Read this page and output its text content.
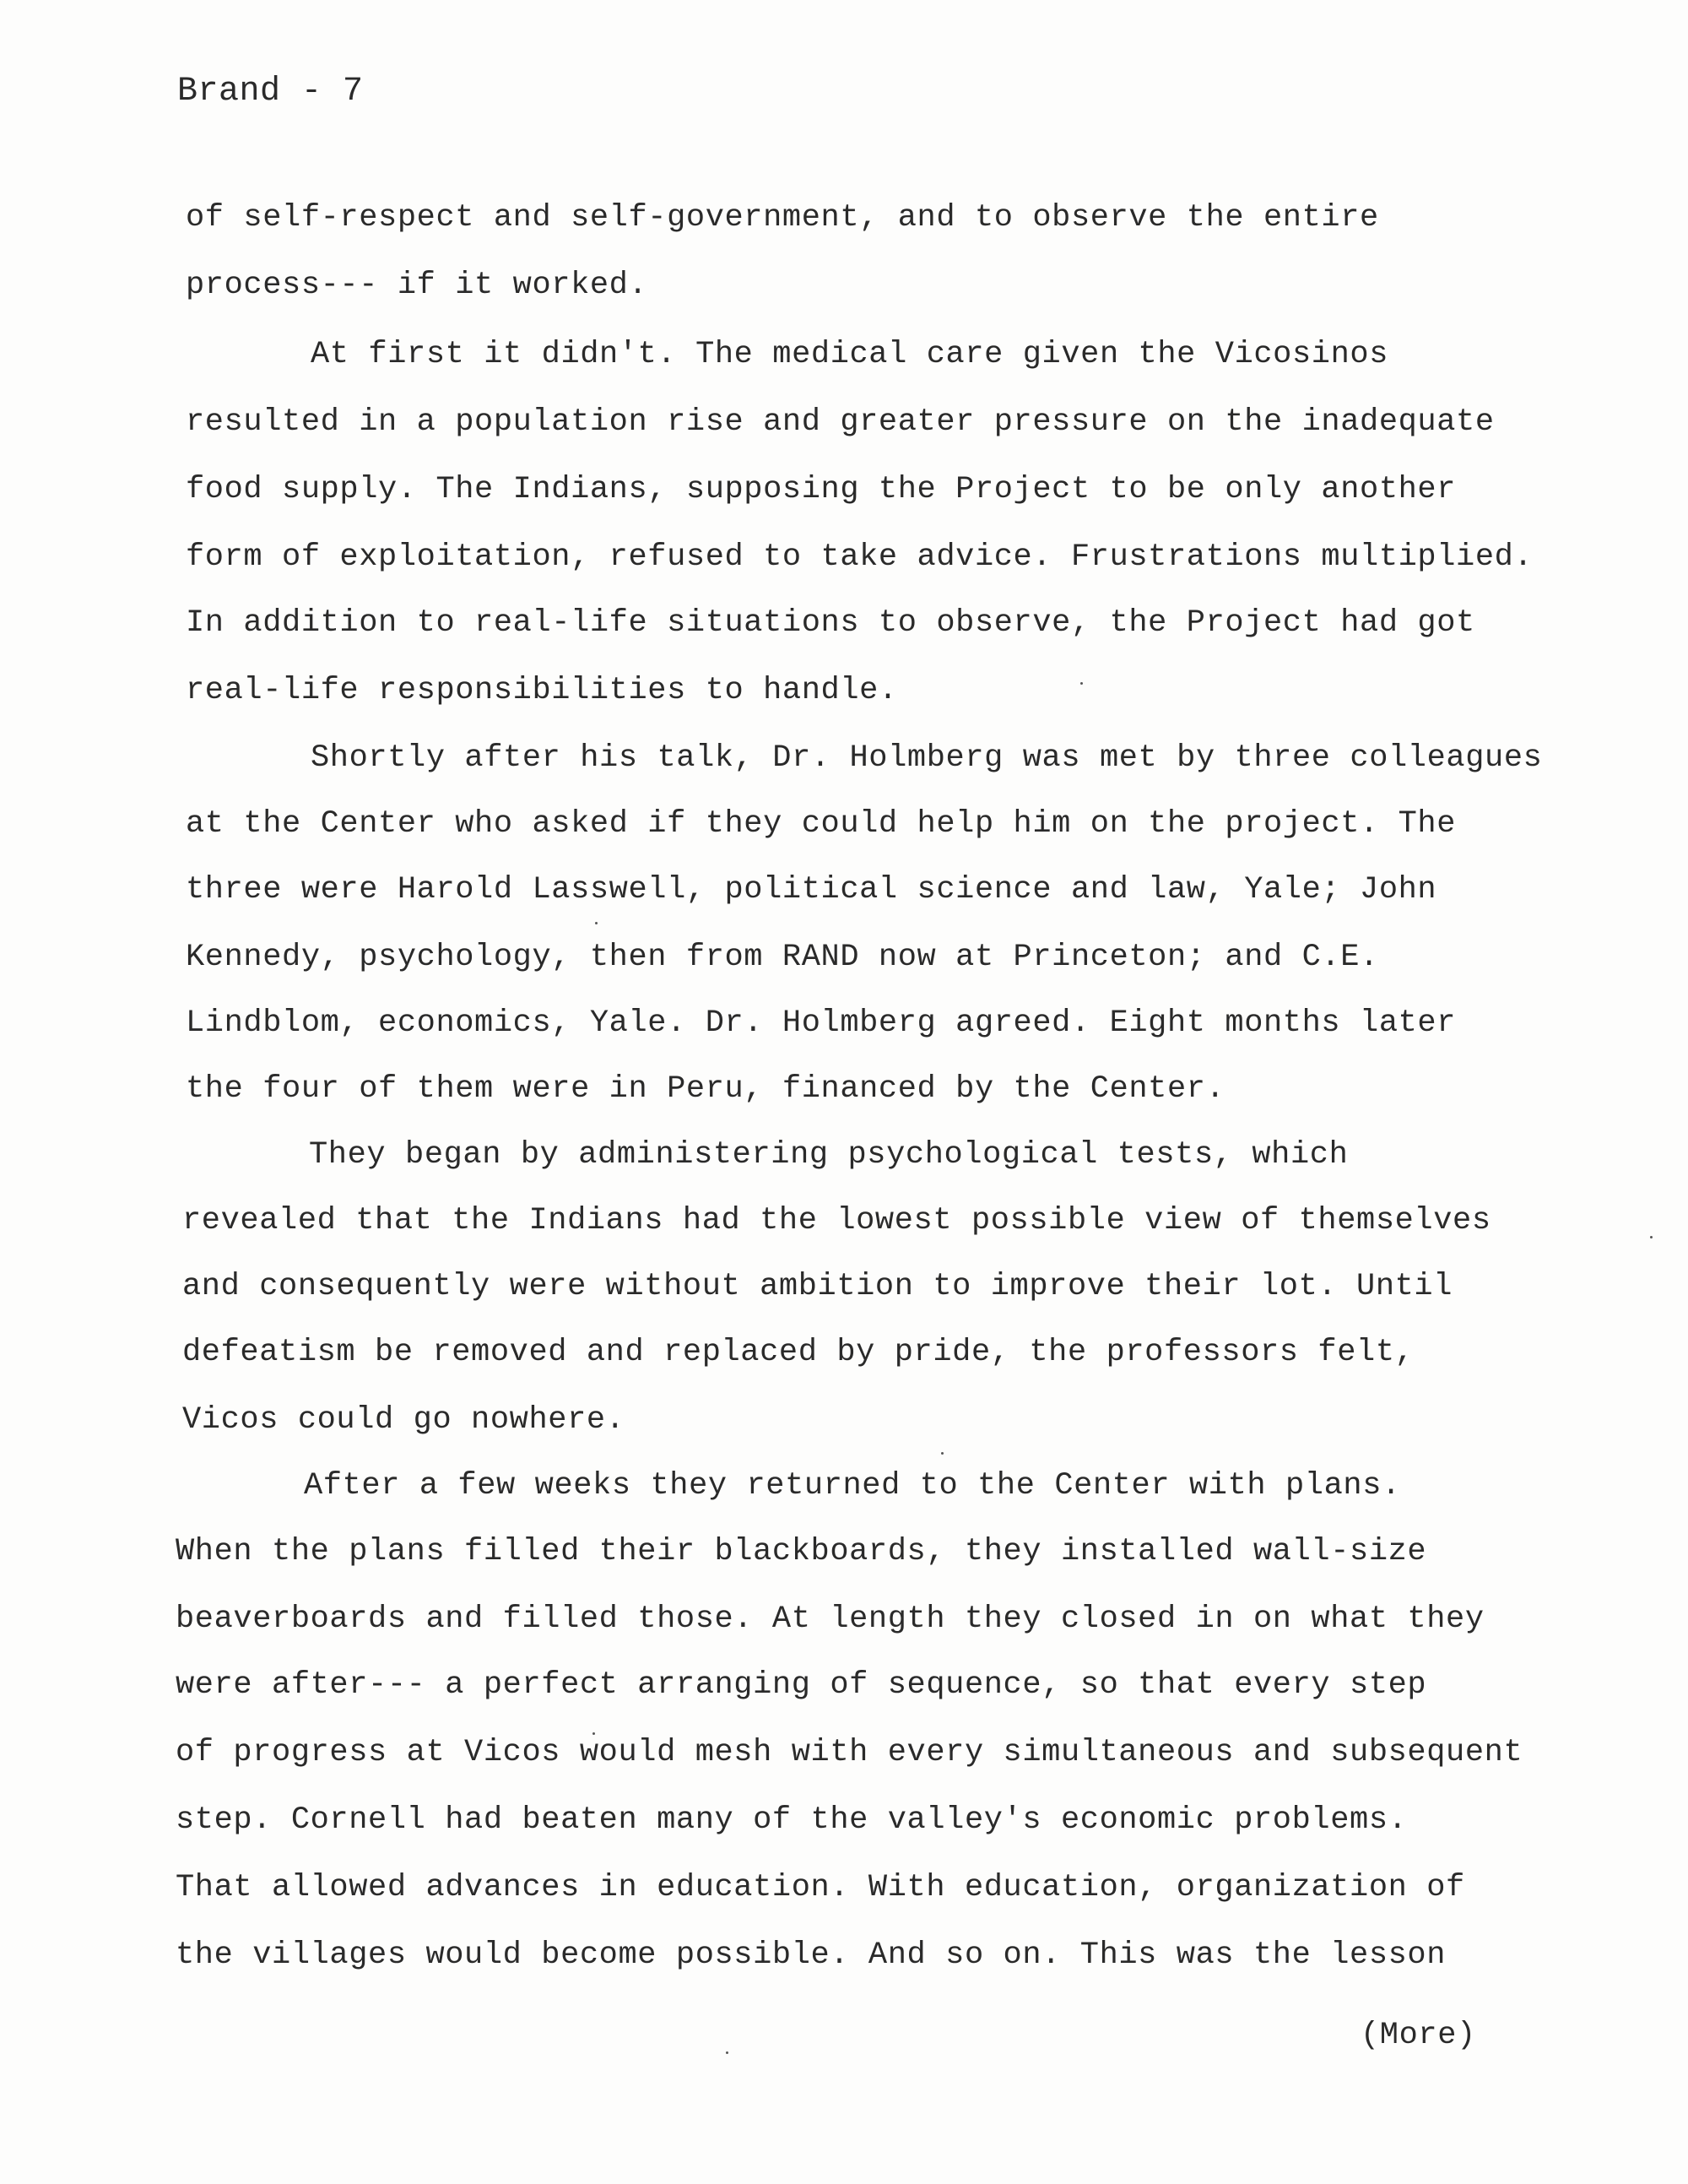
Brand - 7
of self-respect and self-government, and to observe the entire
process--- if it worked.
At first it didn't. The medical care given the Vicosinos
resulted in a population rise and greater pressure on the inadequate
food supply. The Indians, supposing the Project to be only another
form of exploitation, refused to take advice. Frustrations multiplied.
In addition to real-life situations to observe, the Project had got
real-life responsibilities to handle.
Shortly after his talk, Dr. Holmberg was met by three colleagues
at the Center who asked if they could help him on the project. The
three were Harold Lasswell, political science and law, Yale; John
Kennedy, psychology, then from RAND now at Princeton; and C.E.
Lindblom, economics, Yale. Dr. Holmberg agreed. Eight months later
the four of them were in Peru, financed by the Center.
They began by administering psychological tests, which
revealed that the Indians had the lowest possible view of themselves
and consequently were without ambition to improve their lot. Until
defeatism be removed and replaced by pride, the professors felt,
Vicos could go nowhere.
After a few weeks they returned to the Center with plans.
When the plans filled their blackboards, they installed wall-size
beaverboards and filled those. At length they closed in on what they
were after--- a perfect arranging of sequence, so that every step
of progress at Vicos would mesh with every simultaneous and subsequent
step. Cornell had beaten many of the valley's economic problems.
That allowed advances in education. With education, organization of
the villages would become possible. And so on. This was the lesson
(More)
